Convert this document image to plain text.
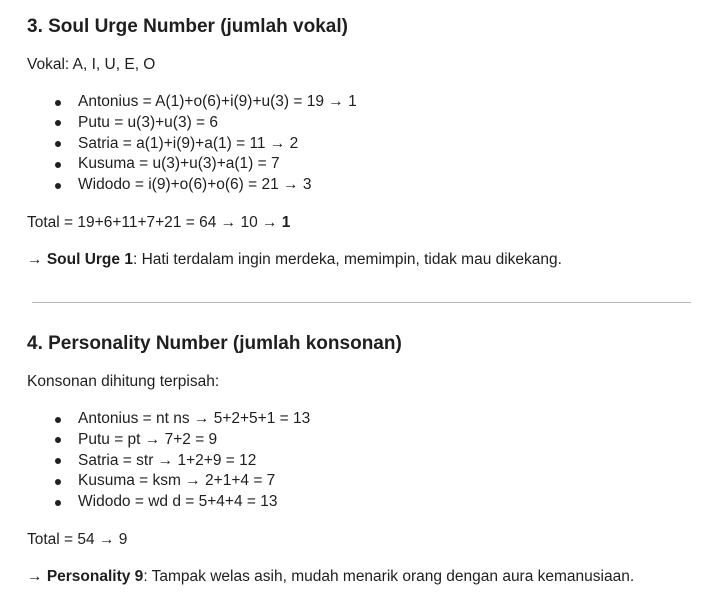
3. Soul Urge Number (jumlah vokal)

Vokal: A, I, U, E, O

Antonius = A(1)+o(6)+i(9)+u(3) = 19 → 1
Putu = u(3)+u(3) = 6
Satria = a(1)+i(9)+a(1) = 11 → 2
Kusuma = u(3)+u(3)+a(1) = 7
Widodo = i(9)+o(6)+o(6) = 21 → 3

Total = 19+6+11+7+21 = 64 → 10 → 1

→ Soul Urge 1: Hati terdalam ingin merdeka, memimpin, tidak mau dikekang.

4. Personality Number (jumlah konsonan)

Konsonan dihitung terpisah:

Antonius = nt ns → 5+2+5+1 = 13
Putu = pt → 7+2 = 9
Satria = str → 1+2+9 = 12
Kusuma = ksm → 2+1+4 = 7
Widodo = wd d = 5+4+4 = 13

Total = 54 → 9

→ Personality 9: Tampak welas asih, mudah menarik orang dengan aura kemanusiaan.
